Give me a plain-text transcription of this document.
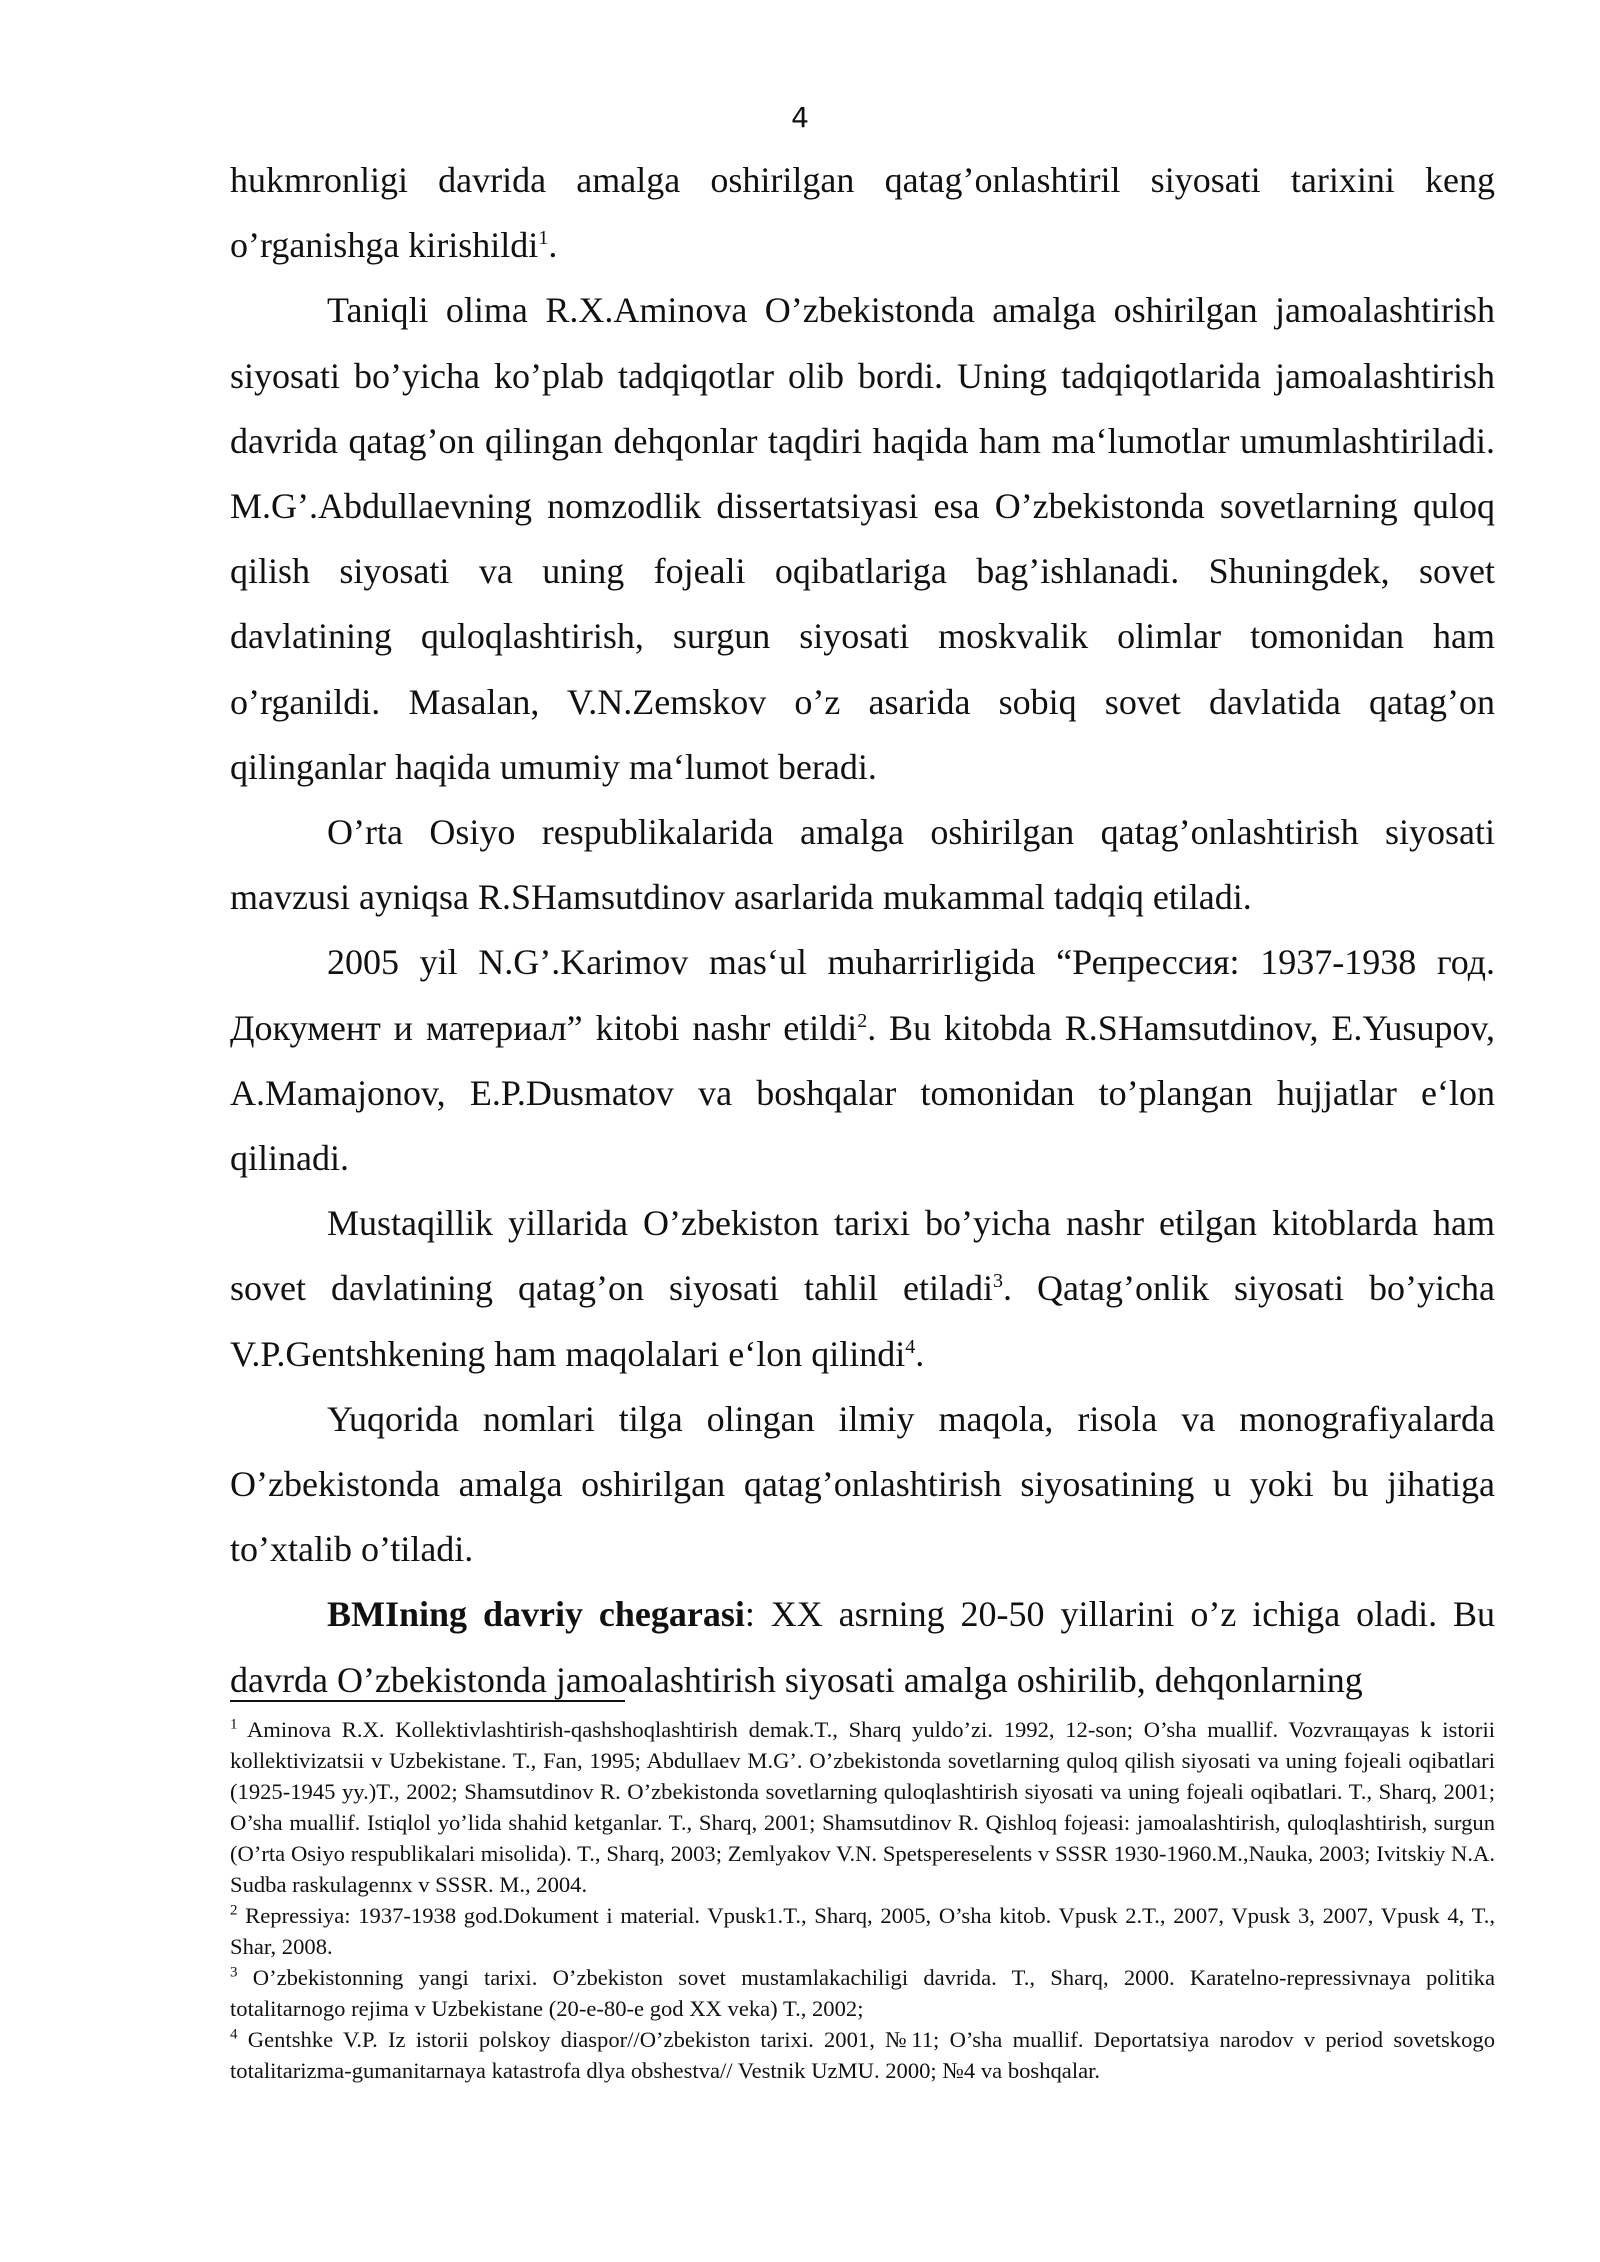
4

hukmronligi davrida amalga oshirilgan qatag’onlashtiril siyosati tarixini keng o’rganishga kirishildi$^1$.

Taniqli olima R.X.Aminova O’zbekistonda amalga oshirilgan jamoalashtirish siyosati bo’yicha ko’plab tadqiqotlar olib bordi. Uning tadqiqotlarida jamoalashtirish davrida qatag’on qilingan dehqonlar taqdiri haqida ham ma‘lumotlar umumlashtiriladi. M.G’.Abdullaevning nomzodlik dissertatsiyasi esa O’zbekistonda sovetlarning quloq qilish siyosati va uning fojeali oqibatlariga bag’ishlanadi. Shuningdek, sovet davlatining quloqlashtirish, surgun siyosati moskvalik olimlar tomonidan ham o’rganildi. Masalan, V.N.Zemskov o’z asarida sobiq sovet davlatida qatag’on qilinganlar haqida umumiy ma‘lumot beradi.

O’rta Osiyo respublikalarida amalga oshirilgan qatag’onlashtirish siyosati mavzusi ayniqsa R.SHamsutdinov asarlarida mukammal tadqiq etiladi.

2005 yil N.G’.Karimov mas‘ul muharrirligida “Репрессия: 1937-1938 год. Документ и материал” kitobi nashr etildi$^2$. Bu kitobda R.SHamsutdinov, E.Yusupov, A.Mamajonov, E.P.Dusmatov va boshqalar tomonidan to’plangan hujjatlar e‘lon qilinadi.

Mustaqillik yillarida O’zbekiston tarixi bo’yicha nashr etilgan kitoblarda ham sovet davlatining qatag’on siyosati tahlil etiladi$^3$. Qatag’onlik siyosati bo’yicha V.P.Gentshkening ham maqolalari e‘lon qilindi$^4$.

Yuqorida nomlari tilga olingan ilmiy maqola, risola va monografiyalarda O’zbekistonda amalga oshirilgan qatag’onlashtirish siyosatining u yoki bu jihatiga to’xtalib o’tiladi.

BMIning davriy chegarasi: XX asrning 20-50 yillarini o’z ichiga oladi. Bu davrda O’zbekistonda jamoalashtirish siyosati amalga oshirilib, dehqonlarning

$^1$ Aminova R.X. Kollektivlashtirish-qashshoqlashtirish demak.T., Sharq yuldo’zi. 1992, 12-son; O’sha muallif. Vozvraщayas k istorii kollektivizatsii v Uzbekistane. T., Fan, 1995; Abdullaev M.G’. O’zbekistonda sovetlarning quloq qilish siyosati va uning fojeali oqibatlari (1925-1945 yy.)T., 2002; Shamsutdinov R. O’zbekistonda sovetlarning quloqlashtirish siyosati va uning fojeali oqibatlari. T., Sharq, 2001; O’sha muallif. Istiqlol yo’lida shahid ketganlar. T., Sharq, 2001; Shamsutdinov R. Qishloq fojeasi: jamoalashtirish, quloqlashtirish, surgun (O’rta Osiyo respublikalari misolida). T., Sharq, 2003; Zemlyakov V.N. Spetspereselents v SSSR 1930-1960.M.,Nauka, 2003; Ivitskiy N.A. Sudba raskulagennx v SSSR. M., 2004.

$^2$ Repressiya: 1937-1938 god.Dokument i material. Vpusk1.T., Sharq, 2005, O’sha kitob. Vpusk 2.T., 2007, Vpusk 3, 2007, Vpusk 4, T., Shar, 2008.

$^3$ O’zbekistonning yangi tarixi. O’zbekiston sovet mustamlakachiligi davrida. T., Sharq, 2000. Karatelno-repressivnaya politika totalitarnogo rejima v Uzbekistane (20-e-80-e god XX veka) T., 2002;

$^4$ Gentshke V.P. Iz istorii polskoy diaspor//O’zbekiston tarixi. 2001, №11; O’sha muallif. Deportatsiya narodov v period sovetskogo totalitarizma-gumanitarnaya katastrofa dlya obshestva// Vestnik UzMU. 2000; №4 va boshqalar.
